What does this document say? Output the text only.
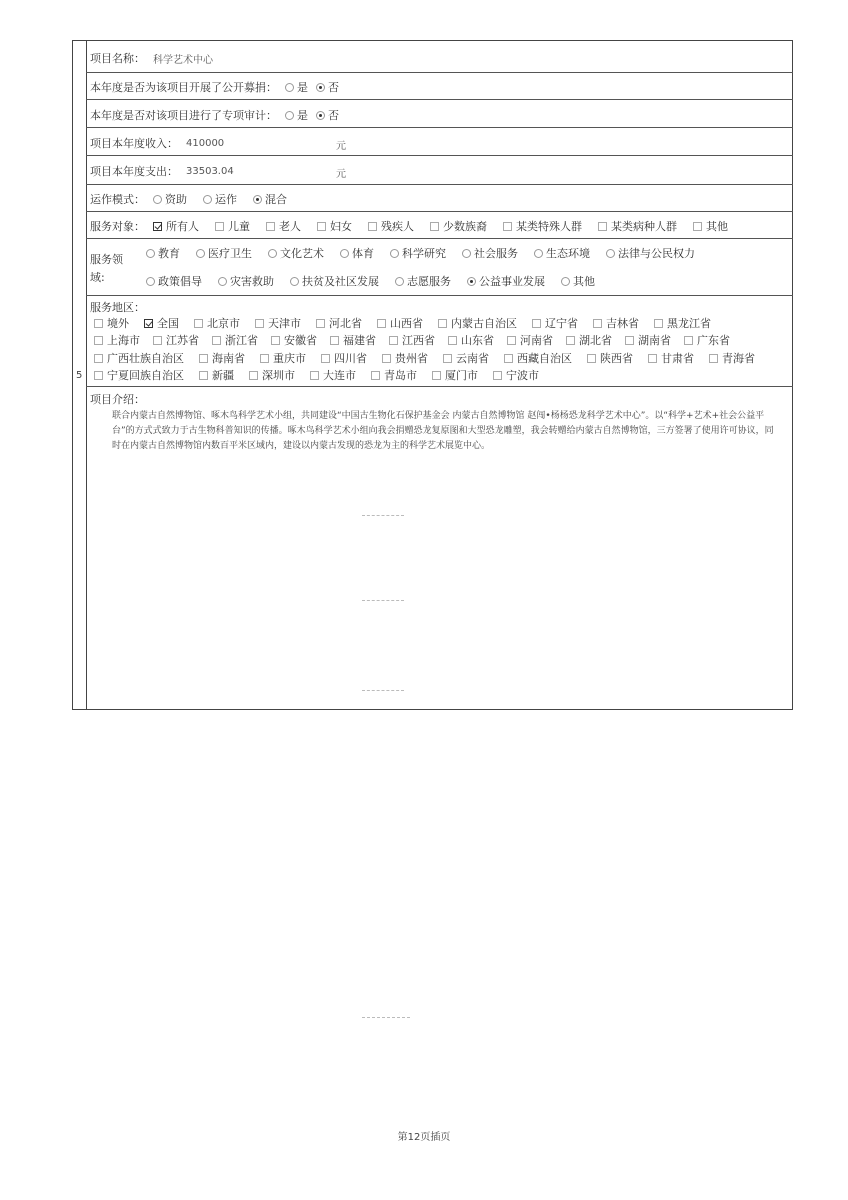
项目名称： 科学艺术中心
本年度是否为该项目开展了公开募捐： 是 否
本年度是否对该项目进行了专项审计： 是 否
项目本年度收入： 410000	元
项目本年度支出： 33503.04	元
运作模式： 资助	运作	混合
服务对象： 所有人	儿童	老人	妇女	残疾人	少数族裔	某类特殊人群	某类病种人群	其他
服务领
域:
教育	医疗卫生	文化艺术	体育	科学研究	社会服务	生态环境	法律与公民权力
政策倡导	灾害救助	扶贫及社区发展	志愿服务	公益事业发展	其他
服务地区：
境外	全国	北京市	天津市	河北省	山西省	内蒙古自治区	辽宁省	吉林省	黑龙江省
上海市 江苏省 浙江省 安徽省 福建省 江西省 山东省 河南省 湖北省 湖南省 广东省
广西壮族自治区	海南省	重庆市	四川省	贵州省	云南省	西藏自治区	陕西省	甘肃省	青海省
宁夏回族自治区	新疆	深圳市	大连市	青岛市	厦门市	宁波市
项目介绍：
联合内蒙古自然博物馆、啄木鸟科学艺术小组，共同建设“中国古生物化石保护基金会 内蒙古自然博物馆 赵闯•杨杨恐龙科学艺术中心”。以“科学+艺术+社会公益平台”的方式式致力于古生物科普知识的传播。啄木鸟科学艺术小组向我会捐赠恐龙复原图和大型恐龙雕塑，我会转赠给内蒙古自然博物馆，三方签署了使用许可协议，同时在内蒙古自然博物馆内数百平米区域内，建设以内蒙古发现的恐龙为主的科学艺术展览中心。
5
第12页插页
